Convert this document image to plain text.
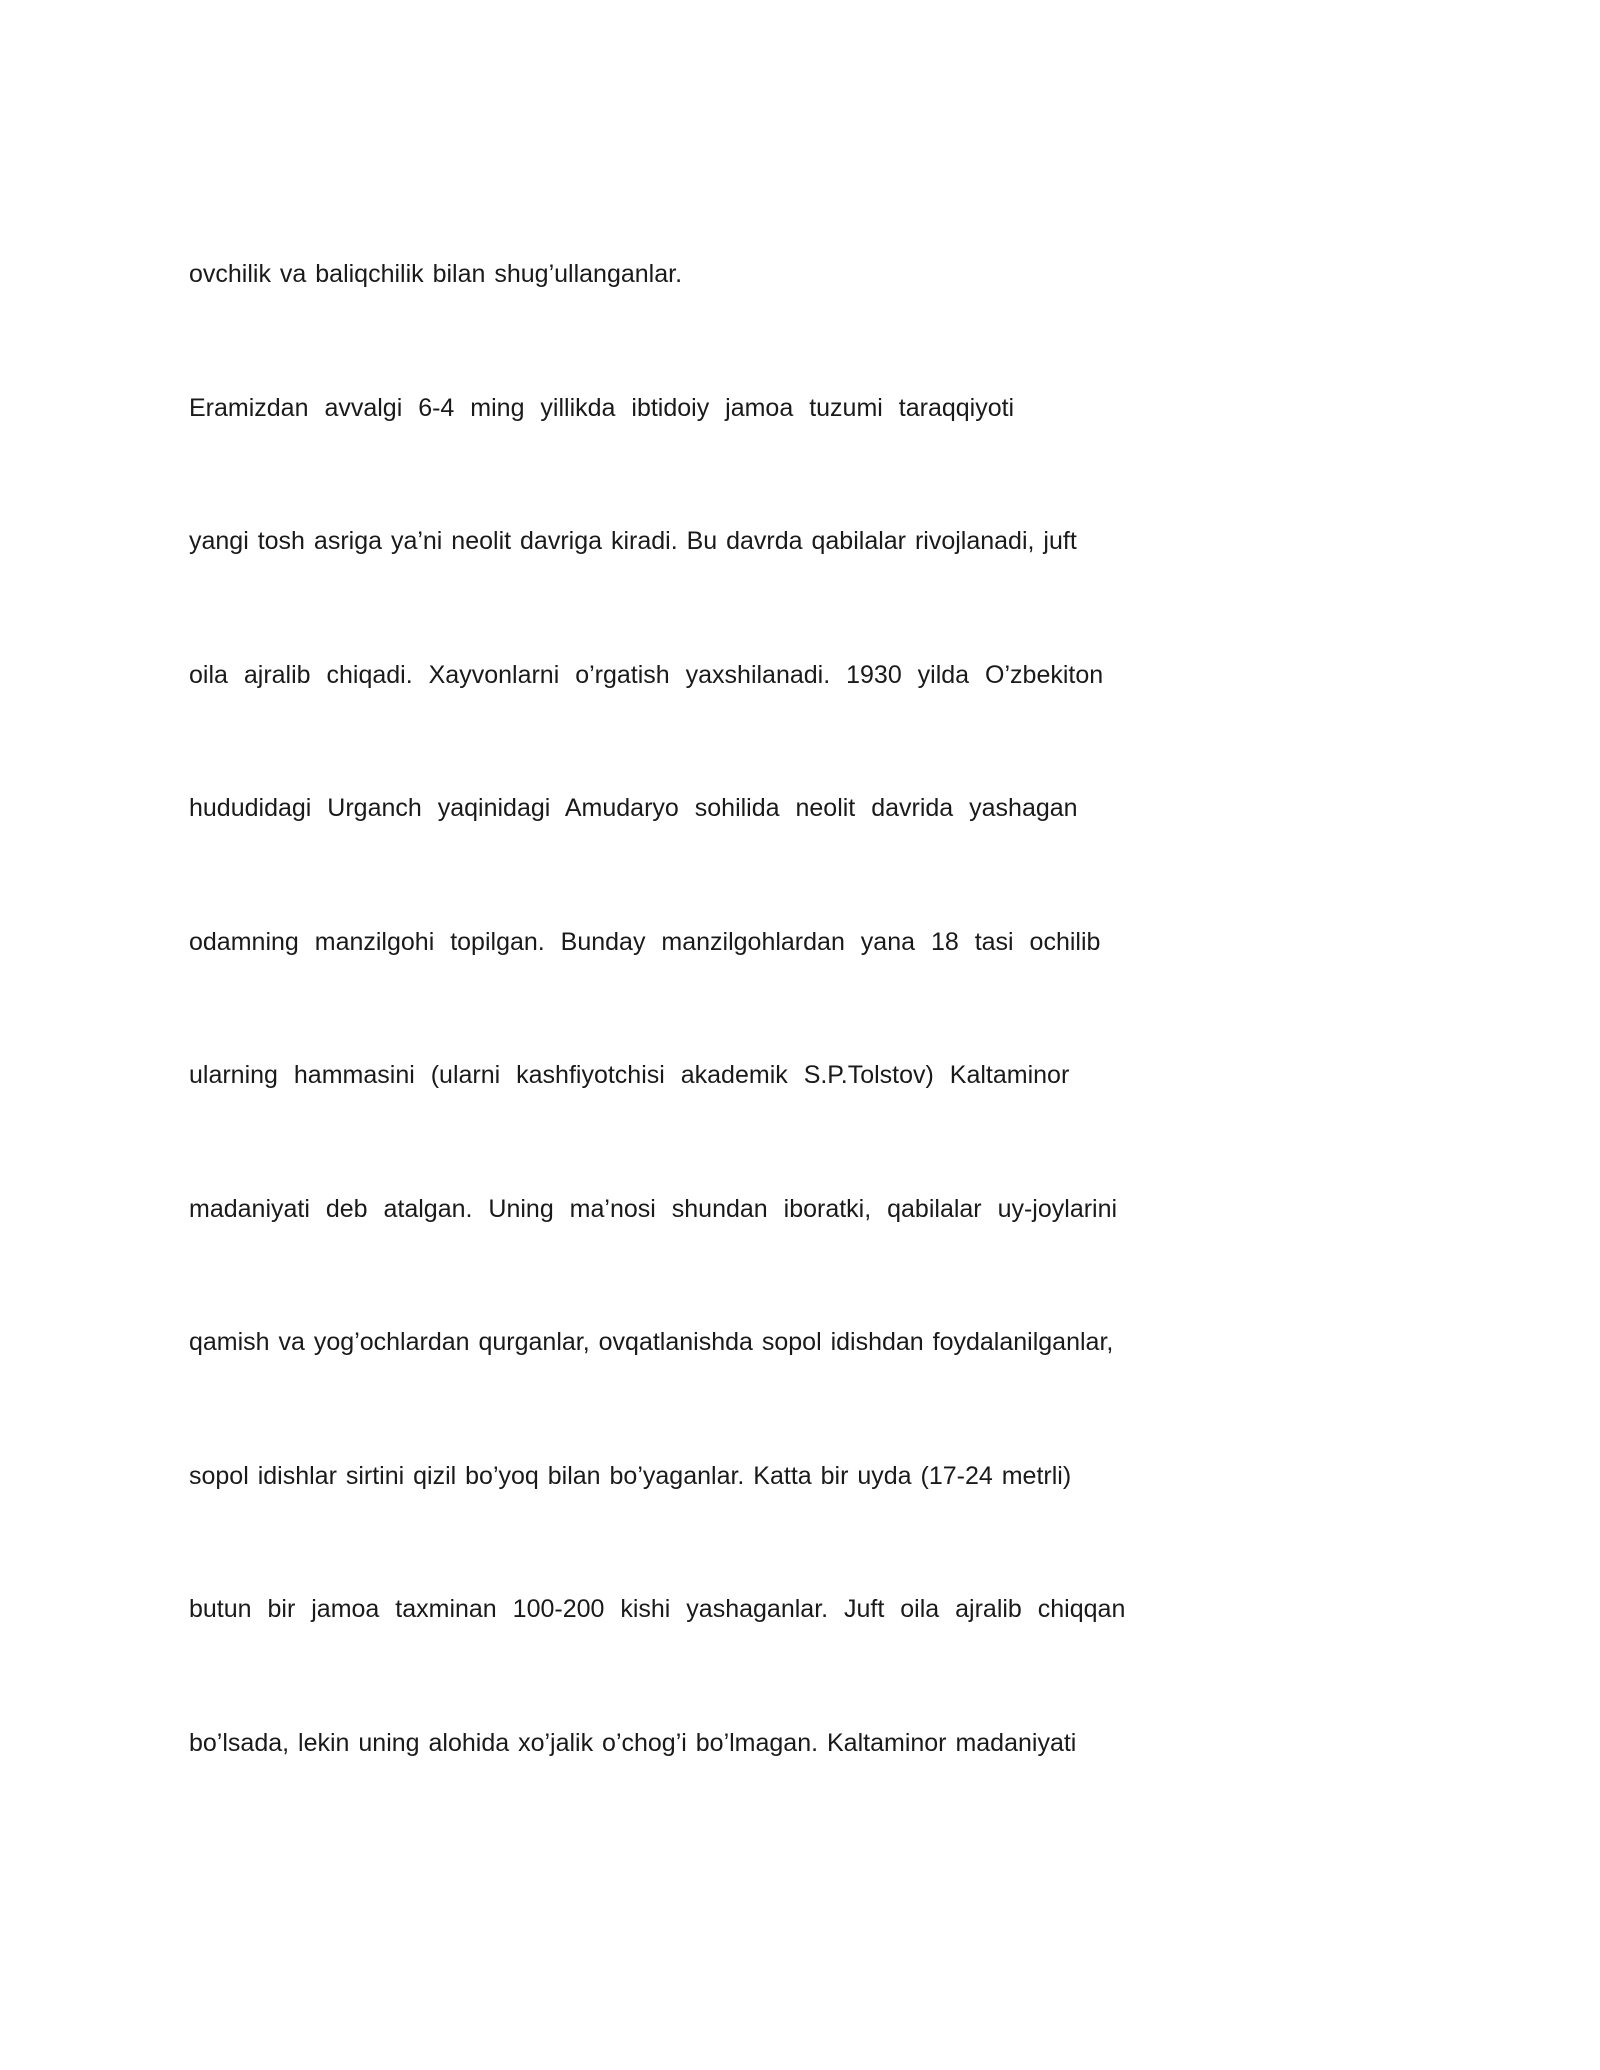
ovchilik va baliqchilik bilan shug’ullanganlar.
Eramizdan avvalgi 6-4 ming yillikda ibtidoiy jamoa tuzumi taraqqiyoti
yangi tosh asriga ya’ni neolit davriga kiradi. Bu davrda qabilalar rivojlanadi, juft
oila ajralib chiqadi. Xayvonlarni o’rgatish yaxshilanadi. 1930 yilda O’zbekiton
hududidagi Urganch yaqinidagi Amudaryo sohilida neolit davrida yashagan
odamning manzilgohi topilgan. Bunday manzilgohlardan yana 18 tasi ochilib
ularning hammasini (ularni kashfiyotchisi akademik S.P.Tolstov) Kaltaminor
madaniyati deb atalgan. Uning ma’nosi shundan iboratki, qabilalar uy-joylarini
qamish va yog’ochlardan qurganlar, ovqatlanishda sopol idishdan foydalanilganlar,
sopol idishlar sirtini qizil bo’yoq bilan bo’yaganlar. Katta bir uyda (17-24 metrli)
butun bir jamoa taxminan 100-200 kishi yashaganlar. Juft oila ajralib chiqqan
bo’lsada, lekin uning alohida xo’jalik o’chog’i bo’lmagan. Kaltaminor madaniyati
